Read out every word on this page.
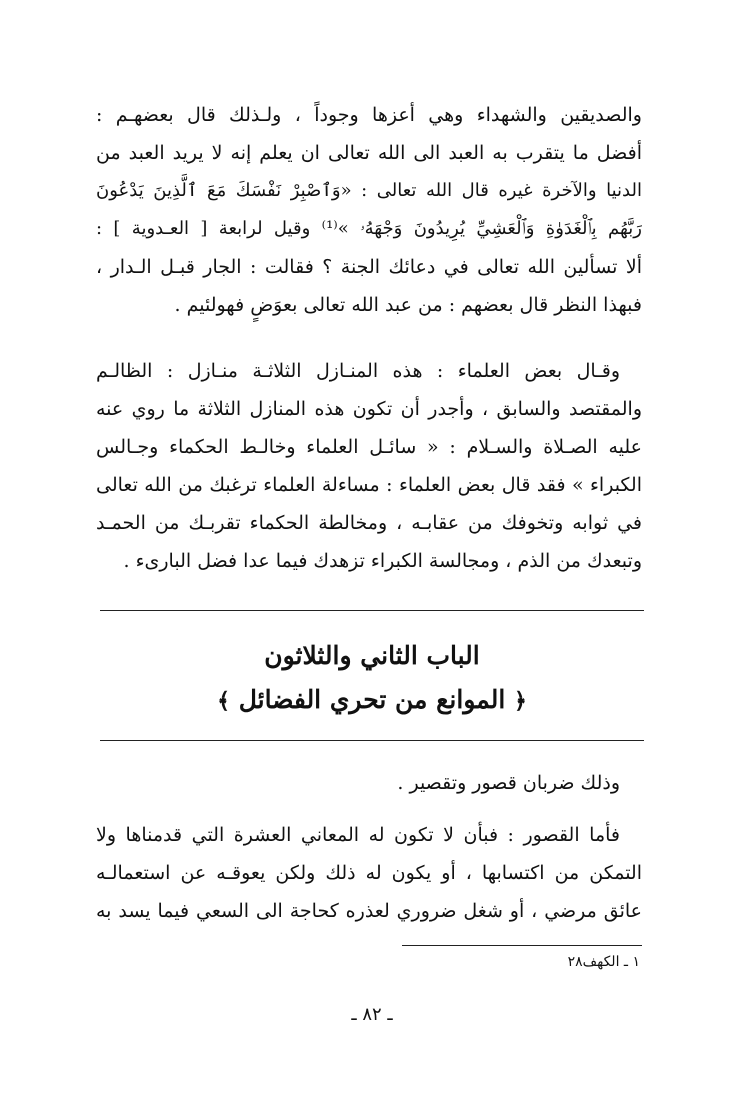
والصديقين والشهداء وهي أعزها وجوداً ، ولـذلك قال بعضهـم :
أفضل ما يتقرب به العبد الى الله تعالى ان يعلم إنه لا يريد العبد من
الدنيا والآخرة غيره قال الله تعالى : «وَٱصْبِرْ نَفْسَكَ مَعَ ٱلَّذِينَ يَدْعُونَ
رَبَّهُم بِٱلْغَدَوٰةِ وَٱلْعَشِيِّ يُرِيدُونَ وَجْهَهُۥ »⁽¹⁾ وقيل لرابعة [ العـدوية ] :
ألا تسألين الله تعالى في دعائك الجنة ؟ فقالت : الجار قبـل الـدار ،
فبهذا النظر قال بعضهم : من عبد الله تعالى بعوَضٍ فهولئيم .
وقـال بعض العلماء : هذه المنـازل الثلاثـة منـازل : الظالـم
والمقتصد والسابق ، وأجدر أن تكون هذه المنازل الثلاثة ما روي عنه
عليه الصـلاة والسـلام : « سائـل العلماء وخالـط الحكماء وجـالس
الكبراء » فقد قال بعض العلماء : مساءلة العلماء ترغبك من الله تعالى
في ثوابه وتخوفك من عقابـه ، ومخالطة الحكماء تقربـك من الحمـد
وتبعدك من الذم ، ومجالسة الكبراء تزهدك فيما عدا فضل البارىء .
الباب الثاني والثلاثون
﴿ الموانع من تحري الفضائل ﴾
وذلك ضربان قصور وتقصير .
فأما القصور : فبأن لا تكون له المعاني العشرة التي قدمناها ولا
التمكن من اكتسابها ، أو يكون له ذلك ولكن يعوقـه عن استعمالـه
عائق مرضي ، أو شغل ضروري لعذره كحاجة الى السعي فيما يسد به
١ ـ الكهف٢٨
ـ ٨٢ ـ
